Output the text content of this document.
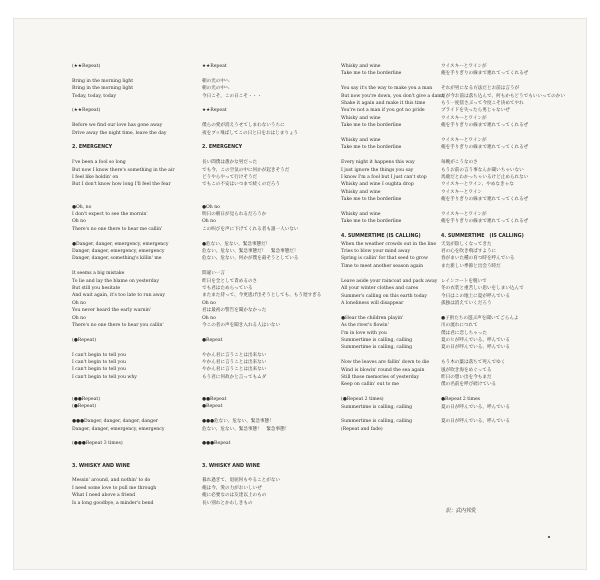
(★★Repeat)

Bring in the morning light

Bring in the morning light

Today, today, today

(★★Repeat)

Before we find our love has gone away

Drive away the night time, leave the day

2. EMERGENCY

I've been a fool so long

But now I know there's something in the air

I feel like holdin' on

But I don't know how long I'll feel the fear

●Oh, no

I don't expect to see the mornin'

Oh no

There's no one there to hear me callin'

●Danger, danger, emergency, emergency

Danger, danger, emergency, emergency

Danger, danger, something's killin' me

It seems a big mistake

To lie and lay the blame on yesterday

But still you hesitate

And wait again, it's too late to run away

Oh no

You never heard the early warnin'

Oh no

There's no one there to hear you callin'

(●Repeat)

I can't begin to tell you

I can't begin to tell you

I can't begin to tell you

I can't begin to tell you why

(●●Repeat)

(●Repeat)

●●●Danger, danger, danger, danger

Danger, danger, emergency, emergency

(●●●Repeat 3 times)

3. WHISKY AND WINE

Messin' around, and nothin' to do

I need some love to pull me through

What I need above a friend

Is a long goodbye, a minder's bend

★★Repeat

朝の光の中へ

朝の光の中へ

今日こそ、この日こそ・・・

★★Repeat

僕らの愛が消えうせてしまわないうちに

夜をブッ飛ばしてこの日と日をおはじまりょう

2. EMERGENCY

長い間僕は愚かな男だった

でも今、この空気の中に何かが起きそうだ

どうやらやって行けそうだ

でもこの不安はいつまで続くのだろう

●Oh no

明日の朝日が見られるだろうか

Oh no

この叫びを声に下げてくれる者も誰一人いない

●危ない、危ない、緊急事態だ！

危ない、危ない、緊急事態だ！　緊急事態だ！

危ない、危ない、何かが僕を殺そうとしている

間違い一言

昨日を全として責めるのさ

でも君はためらっている

またまた待って、今更逃げ出そうとしても、もう遅すぎる

Oh no

君は最初の警告を聞かなかった

Oh no

今この者の声を聞き入れる人はいない

●Repeat

やかん君に言うことは出来ない

やかん君に言うことは出来ない

やかん君に言うことは出来ない

もう君に何故かと言ってもムダ

●●Repeat

●Repeat

●●●危ない、危ない、緊急事態！

危ない、危ない、緊急事態！　緊急事態！

●●●Repeat

3. WHISKY AND WINE

暮れ過ぎて、退屈何もやることがない

俺は今、愛の力がおいしいぜ

俺に必要なのは友達以上のもの

長い別れとかわしきもの

Whisky and wine

Take me to the borderline

You say it's the way to make you a man

But now you're down, you don't give a damn

Shake it again and make it this time

You're not a man if you got no pride

Whisky and wine

Take me to the borderline

Whisky and wine

Take me to the borderline

Every night it happens this way

I just ignore the things you say

I know I'm a fool but I just can't stop

Whisky and wine I oughta drop

Whisky and wine

Take me to the borderline

Whisky and wine

Take me to the borderline

4. SUMMERTIME (IS CALLING)

When the weather crowds out in the line

Tries to blow your mind away

Spring is callin' for that seed to grow

Time to meet another season again

Leave aside your raincoat and pack away

All your winter clothes and cares

Summer's calling on this earth today

A loneliness will disappear

●Hear the children playin'

As the river's flowin'

I'm in love with you

Summertime is calling, calling

Summertime is calling, calling

Now the leaves are fallin' down to die

Wind is blowin' round the sea again

Still those memories of yesterday

Keep on callin' out to me

(●Repeat 2 times)

Summertime is calling, calling

Summertime is calling, calling

(Repeat and fade)

ウイスキーとワインが

俺を手りぎりの線まで連れてってくれるぜ

それが男になる方法だとお前は言うが

だが今お前は落ち込んで、何もかもどうでもいいってのかい

もう一度揺さぶって今度こそ決めてやれ

プライドを失ったら男じゃないぜ

ウイスキーとワインが

俺を手りぎりの線まで連れてってくれるぜ

ウイスキーとワインが

俺を手りぎりの線まで連れてってくれるぜ

毎晩がこうなのさ

もうお前の言う事なんか聞いちゃいない

馬鹿だとわかっちゃいるけど止められない

ウイスキーとワイン、やめなきゃな

ウイスキーとワイン

俺を手りぎりの線まで連れてってくれるぜ

ウイスキーとワインが

俺を手りぎりの線まで連れてってくれるぜ

4. SUMMERTIME　(IS CALLING)

天気が陰しくなってきた

君の心を吹き飛ばすように

春がまいた種の育つ時を呼んでいる

また新しい季節と出会う時だ

レインコートを脱いで

冬の衣装と重苦しい思いをしまい込んで

今日はこの地上に夏が呼んでいる

孤独は消えていくだろう

●子供たちの遊ぶ声を聞いてごらんよ

川の流れにつれて

僕は君に恋しちゃった

夏のヒが呼んでいる、呼んでいる

夏の日が呼んでいる、呼んでいる

もう木の葉は落ちて死んでゆく

風が吹き海をめぐってる

昨日の想い出を今もまだ

僕の名前を呼び続けている

●Repeat 2 times

夏の日が呼んでいる、呼んでいる

夏の日が呼んでいる、呼んでいる

訳：武内邦愛
